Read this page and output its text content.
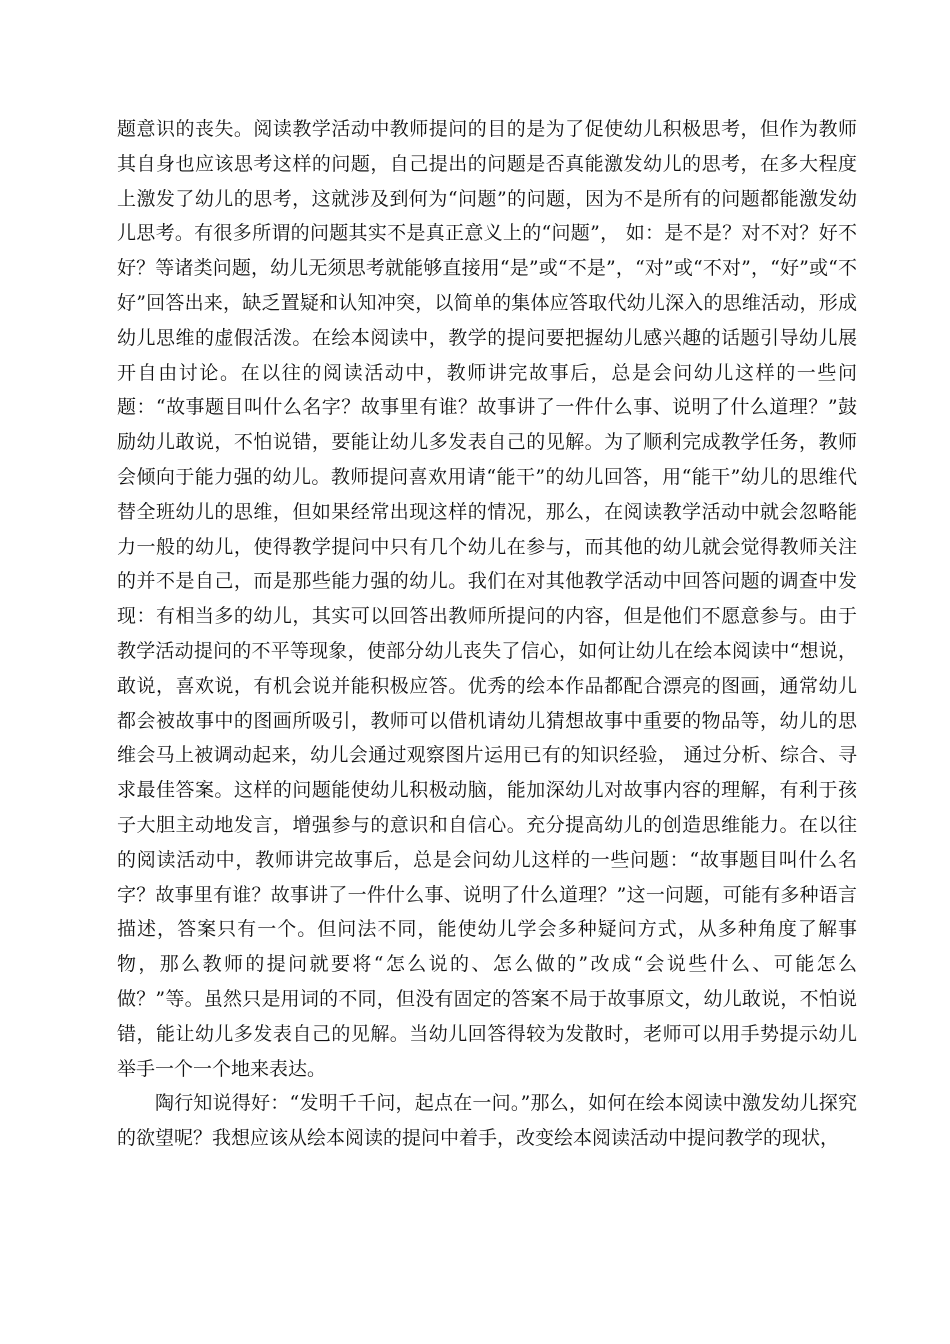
题意识的丧失。阅读教学活动中教师提问的目的是为了促使幼儿积极思考，但作为教师其自身也应该思考这样的问题，自己提出的问题是否真能激发幼儿的思考，在多大程度上激发了幼儿的思考，这就涉及到何为“问题”的问题，因为不是所有的问题都能激发幼儿思考。有很多所谓的问题其实不是真正意义上的“问题”， 如：是不是？对不对？好不好？等诸类问题，幼儿无须思考就能够直接用“是”或“不是”，“对”或“不对”，“好”或“不好”回答出来，缺乏置疑和认知冲突，以简单的集体应答取代幼儿深入的思维活动，形成幼儿思维的虚假活泼。在绘本阅读中，教学的提问要把握幼儿感兴趣的话题引导幼儿展开自由讨论。在以往的阅读活动中，教师讲完故事后，总是会问幼儿这样的一些问题：“故事题目叫什么名字？故事里有谁？故事讲了一件什么事、说明了什么道理？”鼓励幼儿敢说，不怕说错，要能让幼儿多发表自己的见解。为了顺利完成教学任务，教师会倾向于能力强的幼儿。教师提问喜欢用请“能干”的幼儿回答，用“能干”幼儿的思维代替全班幼儿的思维，但如果经常出现这样的情况，那么，在阅读教学活动中就会忽略能力一般的幼儿，使得教学提问中只有几个幼儿在参与，而其他的幼儿就会觉得教师关注的并不是自己，而是那些能力强的幼儿。我们在对其他教学活动中回答问题的调查中发现：有相当多的幼儿，其实可以回答出教师所提问的内容，但是他们不愿意参与。由于教学活动提问的不平等现象，使部分幼儿丧失了信心，如何让幼儿在绘本阅读中“想说，敢说，喜欢说，有机会说并能积极应答。优秀的绘本作品都配合漂亮的图画，通常幼儿都会被故事中的图画所吸引，教师可以借机请幼儿猜想故事中重要的物品等，幼儿的思维会马上被调动起来，幼儿会通过观察图片运用已有的知识经验， 通过分析、综合、寻求最佳答案。这样的问题能使幼儿积极动脑，能加深幼儿对故事内容的理解，有利于孩子大胆主动地发言，增强参与的意识和自信心。充分提高幼儿的创造思维能力。在以往的阅读活动中，教师讲完故事后，总是会问幼儿这样的一些问题：“故事题目叫什么名字？故事里有谁？故事讲了一件什么事、说明了什么道理？”这一问题，可能有多种语言描述，答案只有一个。但问法不同，能使幼儿学会多种疑问方式，从多种角度了解事物，那么教师的提问就要将“怎么说的、怎么做的”改成“会说些什么、可能怎么做？”等。虽然只是用词的不同，但没有固定的答案不局于故事原文，幼儿敢说，不怕说错，能让幼儿多发表自己的见解。当幼儿回答得较为发散时，老师可以用手势提示幼儿举手一个一个地来表达。

陶行知说得好：“发明千千问，起点在一问。”那么，如何在绘本阅读中激发幼儿探究的欲望呢？我想应该从绘本阅读的提问中着手，改变绘本阅读活动中提问教学的现状，
